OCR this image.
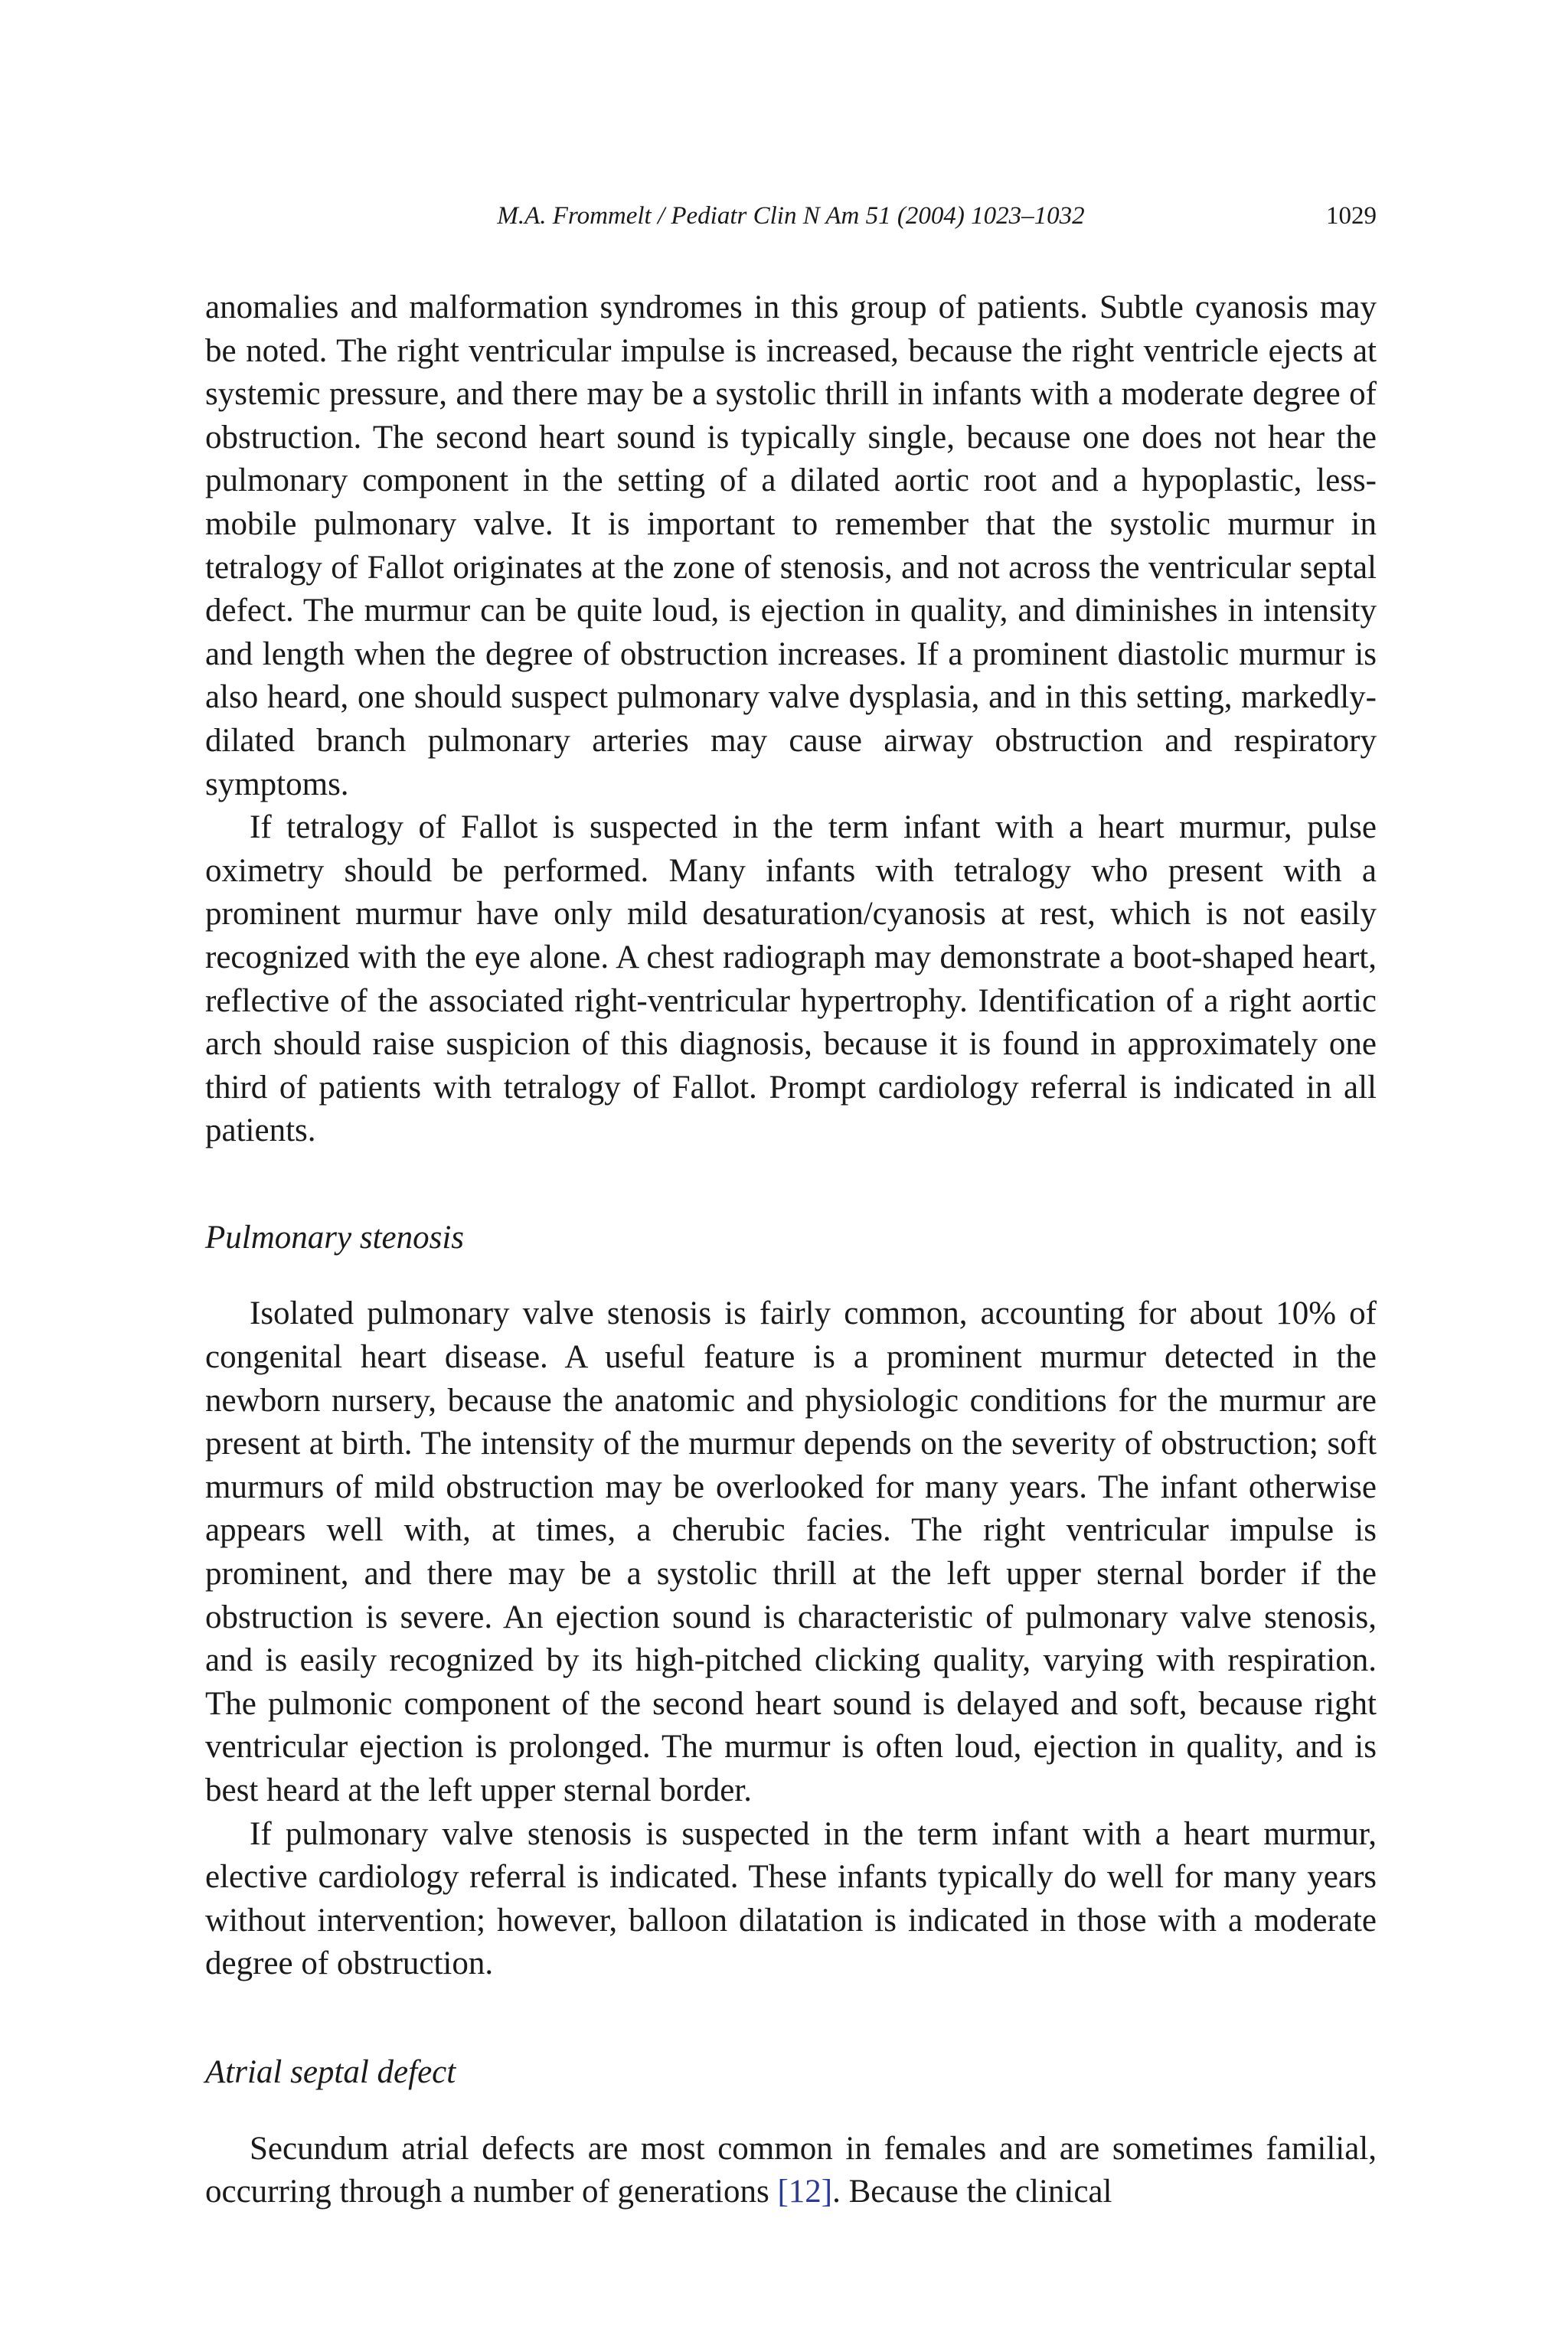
M.A. Frommelt / Pediatr Clin N Am 51 (2004) 1023–1032	1029

anomalies and malformation syndromes in this group of patients. Subtle cyanosis may be noted. The right ventricular impulse is increased, because the right ventricle ejects at systemic pressure, and there may be a systolic thrill in infants with a moderate degree of obstruction. The second heart sound is typically single, because one does not hear the pulmonary component in the setting of a dilated aortic root and a hypoplastic, less-mobile pulmonary valve. It is important to remember that the systolic murmur in tetralogy of Fallot originates at the zone of stenosis, and not across the ventricular septal defect. The murmur can be quite loud, is ejection in quality, and diminishes in intensity and length when the degree of obstruction increases. If a prominent diastolic murmur is also heard, one should suspect pulmonary valve dysplasia, and in this setting, markedly-dilated branch pulmonary arteries may cause airway obstruction and respiratory symptoms.

If tetralogy of Fallot is suspected in the term infant with a heart murmur, pulse oximetry should be performed. Many infants with tetralogy who present with a prominent murmur have only mild desaturation/cyanosis at rest, which is not easily recognized with the eye alone. A chest radiograph may demonstrate a boot-shaped heart, reflective of the associated right-ventricular hypertrophy. Identification of a right aortic arch should raise suspicion of this diagnosis, because it is found in approximately one third of patients with tetralogy of Fallot. Prompt cardiology referral is indicated in all patients.

Pulmonary stenosis

Isolated pulmonary valve stenosis is fairly common, accounting for about 10% of congenital heart disease. A useful feature is a prominent murmur detected in the newborn nursery, because the anatomic and physiologic conditions for the murmur are present at birth. The intensity of the murmur depends on the severity of obstruction; soft murmurs of mild obstruction may be overlooked for many years. The infant otherwise appears well with, at times, a cherubic facies. The right ventricular impulse is prominent, and there may be a systolic thrill at the left upper sternal border if the obstruction is severe. An ejection sound is characteristic of pulmonary valve stenosis, and is easily recognized by its high-pitched clicking quality, varying with respiration. The pulmonic component of the second heart sound is delayed and soft, because right ventricular ejection is prolonged. The murmur is often loud, ejection in quality, and is best heard at the left upper sternal border.

If pulmonary valve stenosis is suspected in the term infant with a heart murmur, elective cardiology referral is indicated. These infants typically do well for many years without intervention; however, balloon dilatation is indicated in those with a moderate degree of obstruction.

Atrial septal defect

Secundum atrial defects are most common in females and are sometimes familial, occurring through a number of generations [12]. Because the clinical
